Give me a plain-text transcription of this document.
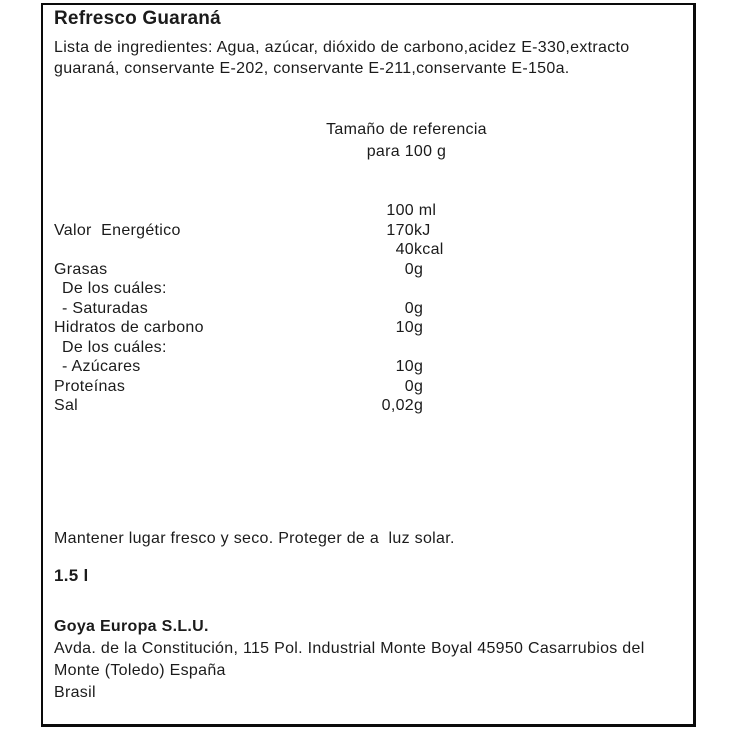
Refresco Guaraná
Lista de ingredientes: Agua, azúcar, dióxido de carbono,acidez E-330,extracto
guaraná, conservante E-202, conservante E-211,conservante E-150a.
Tamaño de referencia
para 100 g
100 ml
Valor  Energético	170 kJ
40 kcal
Grasas	0 g
De los cuáles:
- Saturadas	0 g
Hidratos de carbono	10 g
De los cuáles:
- Azúcares	10 g
Proteínas	0 g
Sal	0,02 g
Mantener lugar fresco y seco. Proteger de a  luz solar.
1.5 l
Goya Europa S.L.U.
Avda. de la Constitución, 115 Pol. Industrial Monte Boyal 45950 Casarrubios del
Monte (Toledo) España
Brasil
